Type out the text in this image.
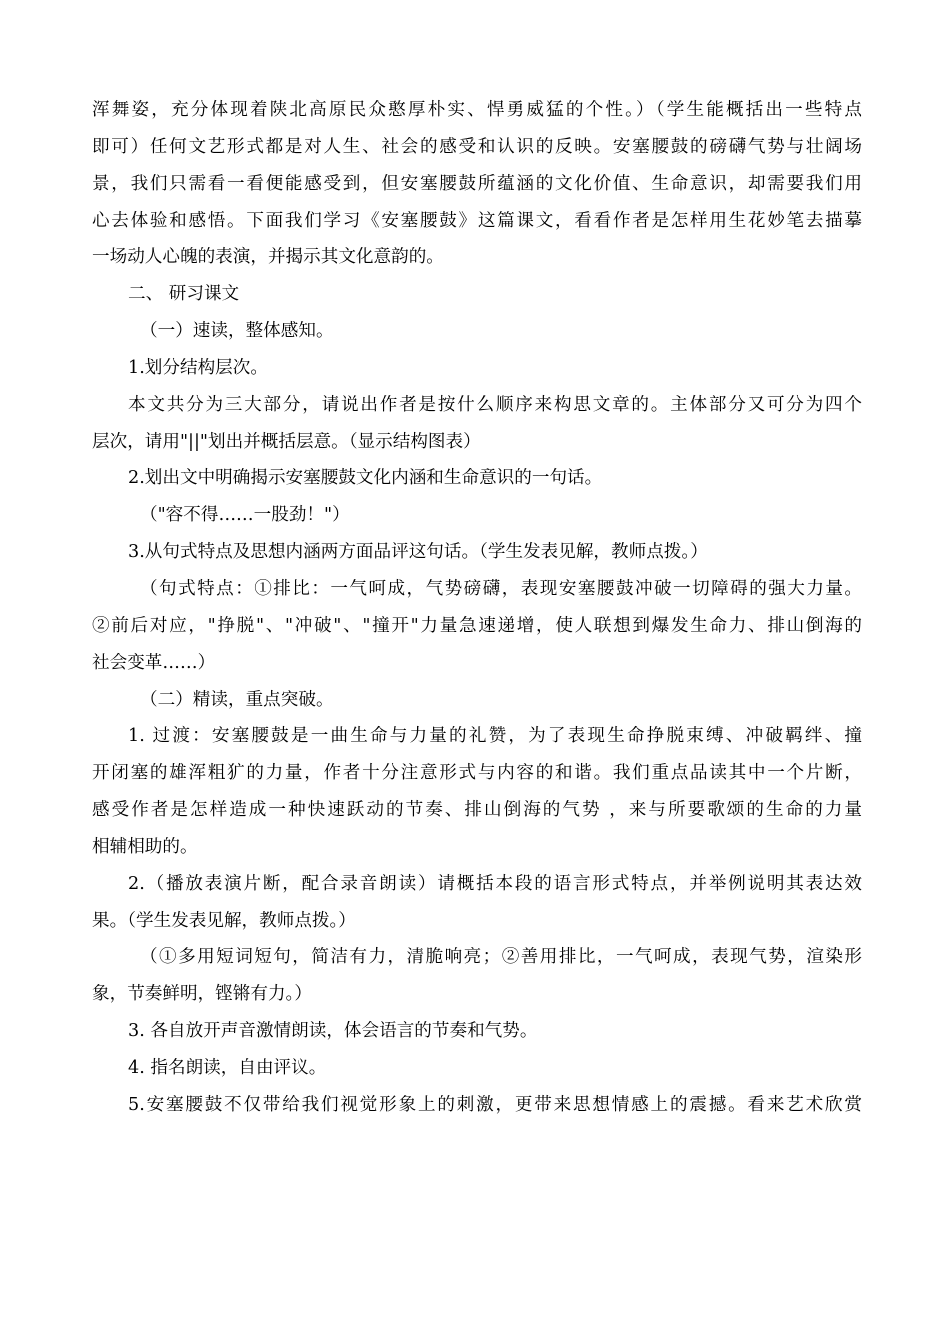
浑舞姿，充分体现着陕北高原民众憨厚朴实、悍勇威猛的个性。）（学生能概括出一些特点
即可）任何文艺形式都是对人生、社会的感受和认识的反映。安塞腰鼓的磅礴气势与壮阔场
景，我们只需看一看便能感受到，但安塞腰鼓所蕴涵的文化价值、生命意识，却需要我们用
心去体验和感悟。下面我们学习《安塞腰鼓》这篇课文，看看作者是怎样用生花妙笔去描摹
一场动人心魄的表演，并揭示其文化意韵的。
二、 研习课文
（一）速读，整体感知。
1.划分结构层次。
本文共分为三大部分，请说出作者是按什么顺序来构思文章的。主体部分又可分为四个
层次，请用"||"划出并概括层意。（显示结构图表）
2.划出文中明确揭示安塞腰鼓文化内涵和生命意识的一句话。
（"容不得……一股劲！"）
3.从句式特点及思想内涵两方面品评这句话。（学生发表见解，教师点拨。）
（句式特点：①排比：一气呵成，气势磅礴，表现安塞腰鼓冲破一切障碍的强大力量。
②前后对应，"挣脱"、"冲破"、"撞开"力量急速递增，使人联想到爆发生命力、排山倒海的
社会变革……）
（二）精读，重点突破。
1. 过渡：安塞腰鼓是一曲生命与力量的礼赞，为了表现生命挣脱束缚、冲破羁绊、撞
开闭塞的雄浑粗犷的力量，作者十分注意形式与内容的和谐。我们重点品读其中一个片断，
感受作者是怎样造成一种快速跃动的节奏、排山倒海的气势 ，来与所要歌颂的生命的力量
相辅相助的。
2.（播放表演片断，配合录音朗读）请概括本段的语言形式特点，并举例说明其表达效
果。（学生发表见解，教师点拨。）
（①多用短词短句，简洁有力，清脆响亮；②善用排比，一气呵成，表现气势，渲染形
象，节奏鲜明，铿锵有力。）
3. 各自放开声音激情朗读，体会语言的节奏和气势。
4. 指名朗读，自由评议。
5.安塞腰鼓不仅带给我们视觉形象上的刺激，更带来思想情感上的震撼。看来艺术欣赏
